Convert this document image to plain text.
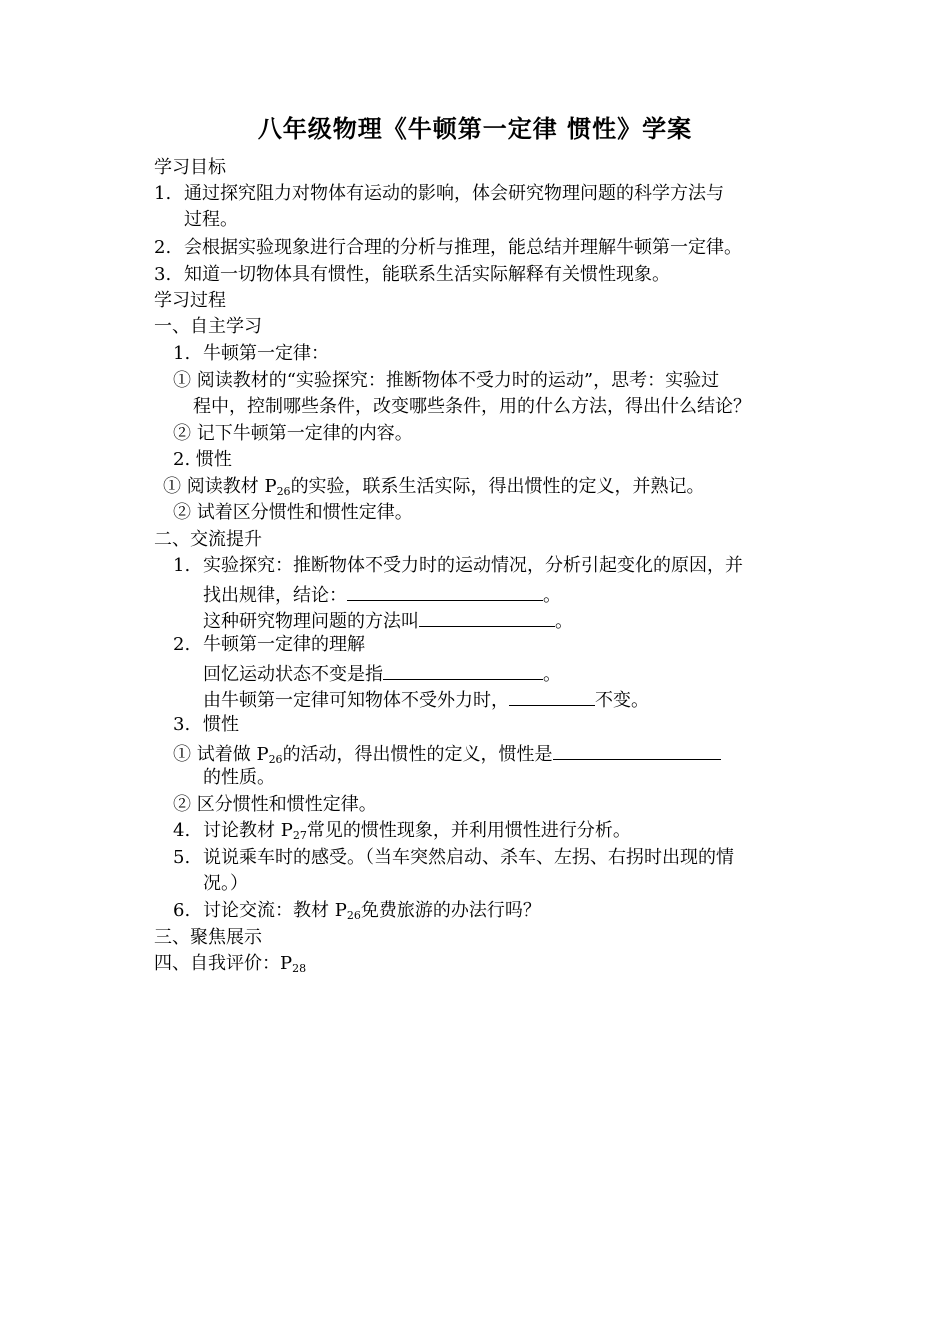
八年级物理《牛顿第一定律 惯性》学案
学习目标
1. 通过探究阻力对物体有运动的影响，体会研究物理问题的科学方法与
过程。
2. 会根据实验现象进行合理的分析与推理，能总结并理解牛顿第一定律。
3. 知道一切物体具有惯性，能联系生活实际解释有关惯性现象。
学习过程
一、自主学习
1. 牛顿第一定律：
① 阅读教材的“实验探究：推断物体不受力时的运动”，思考：实验过
程中，控制哪些条件，改变哪些条件，用的什么方法，得出什么结论？
② 记下牛顿第一定律的内容。
2. 惯性
① 阅读教材 $P_{26}$的实验，联系生活实际，得出惯性的定义，并熟记。
② 试着区分惯性和惯性定律。
二、交流提升
1. 实验探究：推断物体不受力时的运动情况，分析引起变化的原因，并
找出规律，结论：	。
这种研究物理问题的方法叫	。
2. 牛顿第一定律的理解
回忆运动状态不变是指	。
由牛顿第一定律可知物体不受外力时，	不变。
3. 惯性
① 试着做 $P_{26}$的活动，得出惯性的定义，惯性是
的性质。
② 区分惯性和惯性定律。
4. 讨论教材 $P_{27}$常见的惯性现象，并利用惯性进行分析。
5. 说说乘车时的感受。（当车突然启动、杀车、左拐、右拐时出现的情
况。）
6. 讨论交流：教材 $P_{26}$免费旅游的办法行吗？
三、聚焦展示
四、自我评价：$P_{28}$
